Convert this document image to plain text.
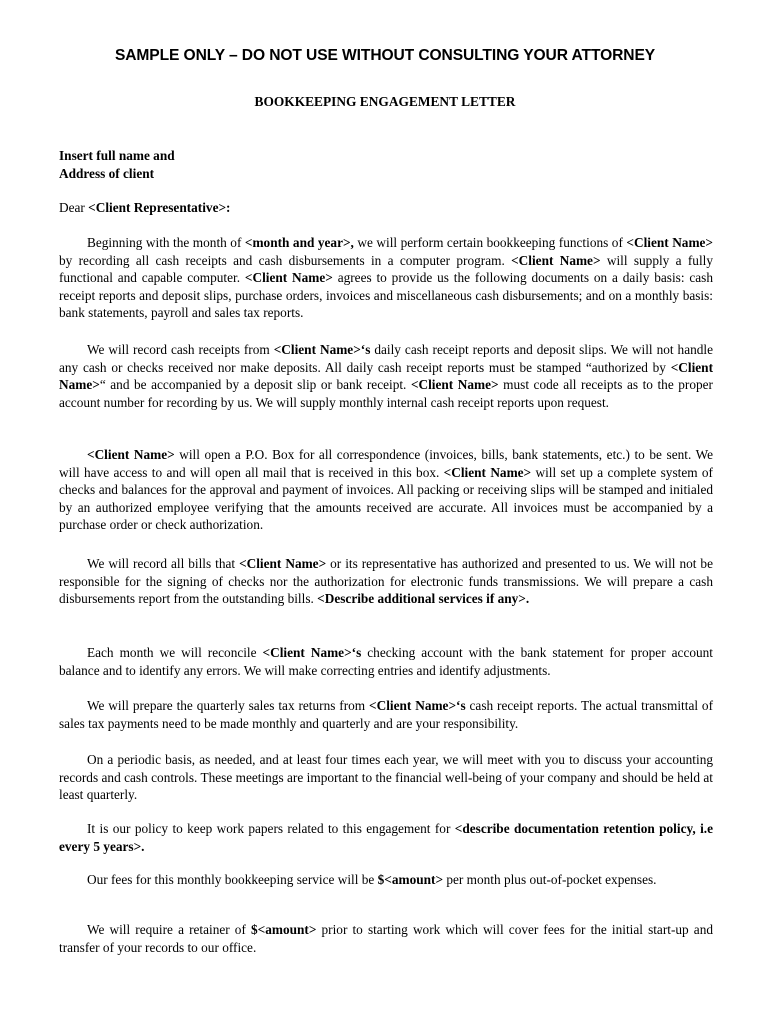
SAMPLE ONLY – DO NOT USE WITHOUT CONSULTING YOUR ATTORNEY
BOOKKEEPING ENGAGEMENT LETTER
Insert full name and
Address of client
Dear <Client Representative>:
Beginning with the month of <month and year>, we will perform certain bookkeeping functions of <Client Name> by recording all cash receipts and cash disbursements in a computer program. <Client Name> will supply a fully functional and capable computer. <Client Name> agrees to provide us the following documents on a daily basis: cash receipt reports and deposit slips, purchase orders, invoices and miscellaneous cash disbursements; and on a monthly basis: bank statements, payroll and sales tax reports.
We will record cash receipts from <Client Name>‘s daily cash receipt reports and deposit slips. We will not handle any cash or checks received nor make deposits. All daily cash receipt reports must be stamped “authorized by <Client Name>“ and be accompanied by a deposit slip or bank receipt. <Client Name> must code all receipts as to the proper account number for recording by us. We will supply monthly internal cash receipt reports upon request.
<Client Name> will open a P.O. Box for all correspondence (invoices, bills, bank statements, etc.) to be sent. We will have access to and will open all mail that is received in this box. <Client Name> will set up a complete system of checks and balances for the approval and payment of invoices. All packing or receiving slips will be stamped and initialed by an authorized employee verifying that the amounts received are accurate. All invoices must be accompanied by a purchase order or check authorization.
We will record all bills that <Client Name> or its representative has authorized and presented to us. We will not be responsible for the signing of checks nor the authorization for electronic funds transmissions. We will prepare a cash disbursements report from the outstanding bills. <Describe additional services if any>.
Each month we will reconcile <Client Name>‘s checking account with the bank statement for proper account balance and to identify any errors. We will make correcting entries and identify adjustments.
We will prepare the quarterly sales tax returns from <Client Name>‘s cash receipt reports. The actual transmittal of sales tax payments need to be made monthly and quarterly and are your responsibility.
On a periodic basis, as needed, and at least four times each year, we will meet with you to discuss your accounting records and cash controls. These meetings are important to the financial well-being of your company and should be held at least quarterly.
It is our policy to keep work papers related to this engagement for <describe documentation retention policy, i.e every 5 years>.
Our fees for this monthly bookkeeping service will be $<amount> per month plus out-of-pocket expenses.
We will require a retainer of $<amount> prior to starting work which will cover fees for the initial start-up and transfer of your records to our office.
